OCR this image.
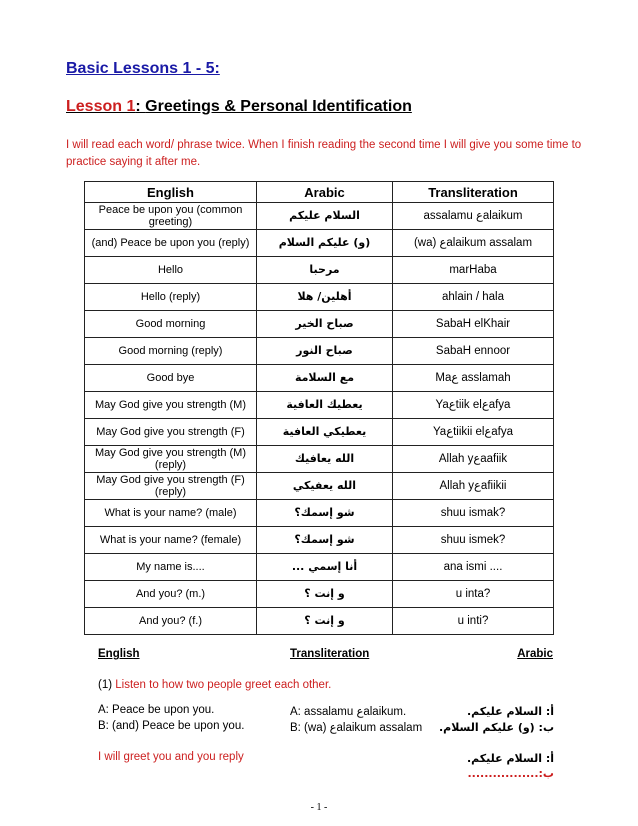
Basic Lessons 1 - 5:
Lesson 1: Greetings & Personal Identification
I will read each word/ phrase twice. When I finish reading the second time I will give you some time to practice saying it after me.
English	Arabic	Transliteration
Peace be upon you (common greeting)	السلام عليكم	assalamu عalaikum
(and) Peace be upon you (reply)	(و) عليكم السلام	(wa) عalaikum assalam
Hello	مرحبا	marHaba
Hello (reply)	أهلين/ هلا	ahlain / hala
Good morning	صباح الخير	SabaH elKhair
Good morning (reply)	صباح النور	SabaH ennoor
Good bye	مع السلامة	Maع asslamah
May God give you strength (M)	يعطيك العافية	Yaعtiik elعafya
May God give you strength (F)	يعطيكي العافية	Yaعtiikii elعafya
May God give you strength (M)(reply)	الله يعافيك	Allah yعaafiik
May God give you strength (F) (reply)	الله يعفيكي	Allah yعafiikii
What is your name? (male)	شو إسمك؟	shuu ismak?
What is your name? (female)	شو إسمك؟	shuu ismek?
My name is....	أنا إسمي ...	ana ismi ....
And you? (m.)	و إنت ؟	u inta?
And you? (f.)	و إنت ؟	u inti?
English	Transliteration	Arabic
(1) Listen to how two people greet each other.
A: Peace be upon you.	A: assalamu عalaikum.	أ: السلام عليكم.
B: (and) Peace be upon you.	B: (wa) عalaikum assalam	ب: (و) عليكم السلام.
I will greet you and you reply	أ: السلام عليكم.
ب:.................
- 1 -
